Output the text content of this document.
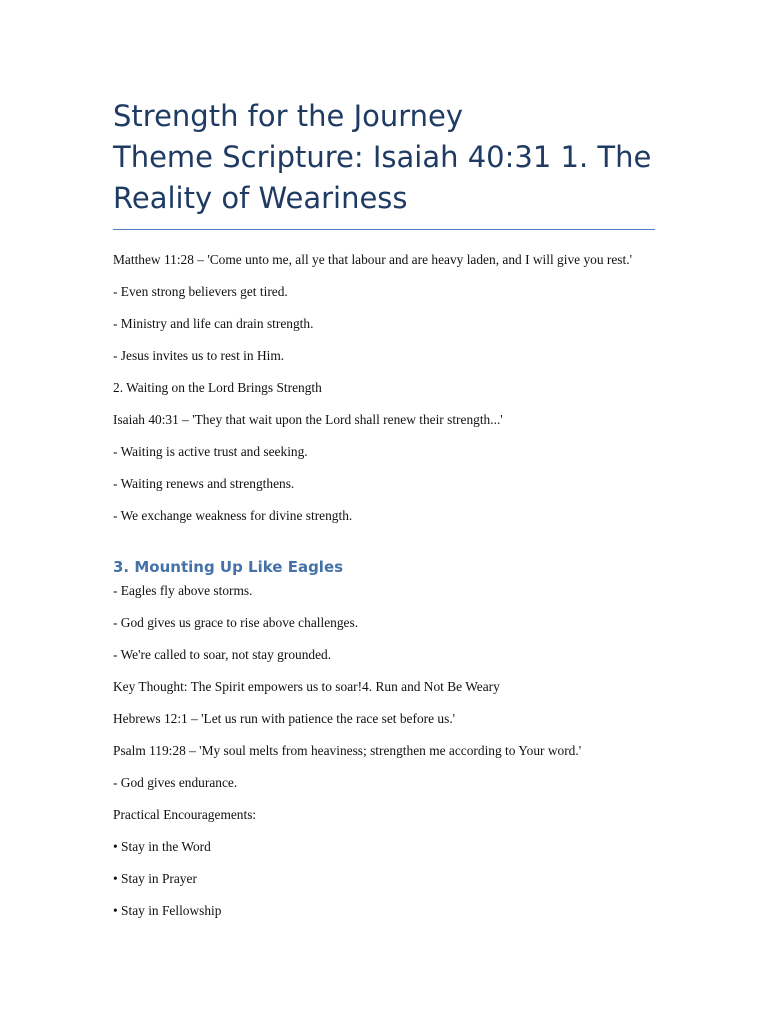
Strength for the Journey
Theme Scripture: Isaiah 40:31 1. The
Reality of Weariness

Matthew 11:28 – 'Come unto me, all ye that labour and are heavy laden, and I will give you rest.'

- Even strong believers get tired.

- Ministry and life can drain strength.

- Jesus invites us to rest in Him.

2. Waiting on the Lord Brings Strength

Isaiah 40:31 – 'They that wait upon the Lord shall renew their strength...'

- Waiting is active trust and seeking.

- Waiting renews and strengthens.

- We exchange weakness for divine strength.

3. Mounting Up Like Eagles

- Eagles fly above storms.

- God gives us grace to rise above challenges.

- We're called to soar, not stay grounded.

Key Thought: The Spirit empowers us to soar!4. Run and Not Be Weary

Hebrews 12:1 – 'Let us run with patience the race set before us.'

Psalm 119:28 – 'My soul melts from heaviness; strengthen me according to Your word.'

- God gives endurance.

Practical Encouragements:

• Stay in the Word

• Stay in Prayer

• Stay in Fellowship
